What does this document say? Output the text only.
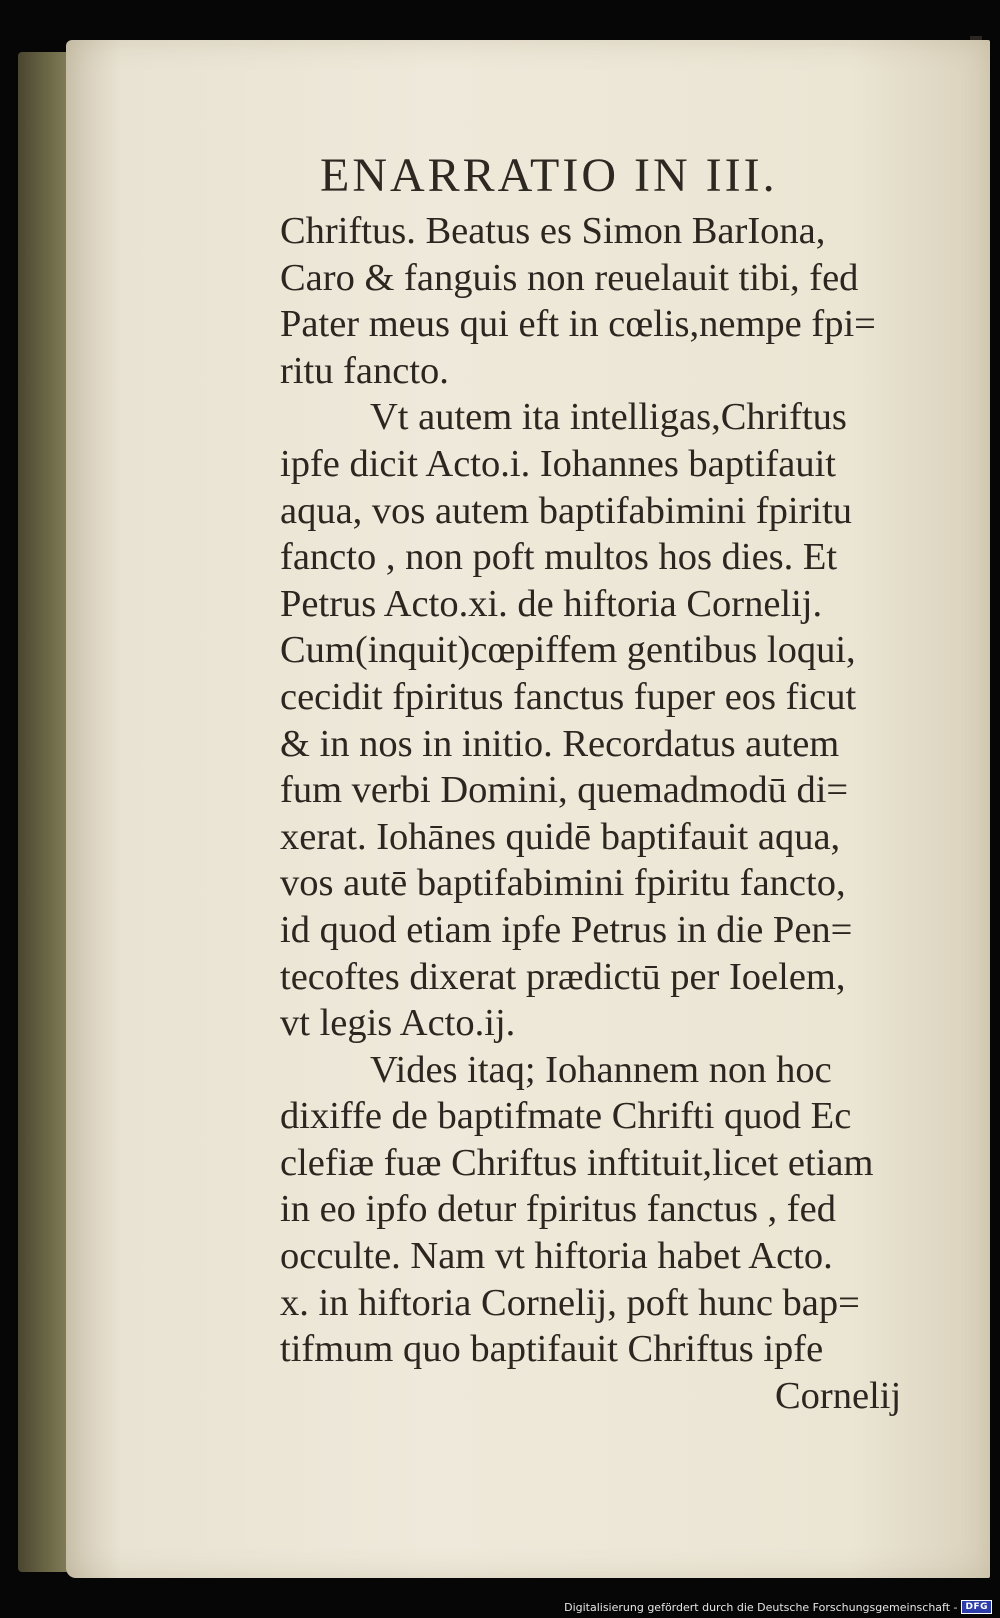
ENARRATIO IN III.
Chriftus. Beatus es Simon BarIona,
Caro & fanguis non reuelauit tibi, fed
Pater meus qui eft in cœlis,nempe fpi=
ritu fancto.
Vt autem ita intelligas,Chriftus
ipfe dicit Acto.i. Iohannes baptifauit
aqua, vos autem baptifabimini fpiritu
fancto , non poft multos hos dies. Et
Petrus Acto.xi. de hiftoria Cornelij.
Cum(inquit)cœpiffem gentibus loqui,
cecidit fpiritus fanctus fuper eos ficut
& in nos in initio. Recordatus autem
fum verbi Domini, quemadmodū di=
xerat. Iohānes quidē baptifauit aqua,
vos autē baptifabimini fpiritu fancto,
id quod etiam ipfe Petrus in die Pen=
tecoftes dixerat prædictū per Ioelem,
vt legis Acto.ij.
Vides itaq; Iohannem non hoc
dixiffe de baptifmate Chrifti quod Ec
clefiæ fuæ Chriftus inftituit,licet etiam
in eo ipfo detur fpiritus fanctus , fed
occulte. Nam vt hiftoria habet Acto.
x. in hiftoria Cornelij, poft hunc bap=
tifmum quo baptifauit Chriftus ipfe
Cornelij
Digitalisierung gefördert durch die Deutsche Forschungsgemeinschaft - DFG
